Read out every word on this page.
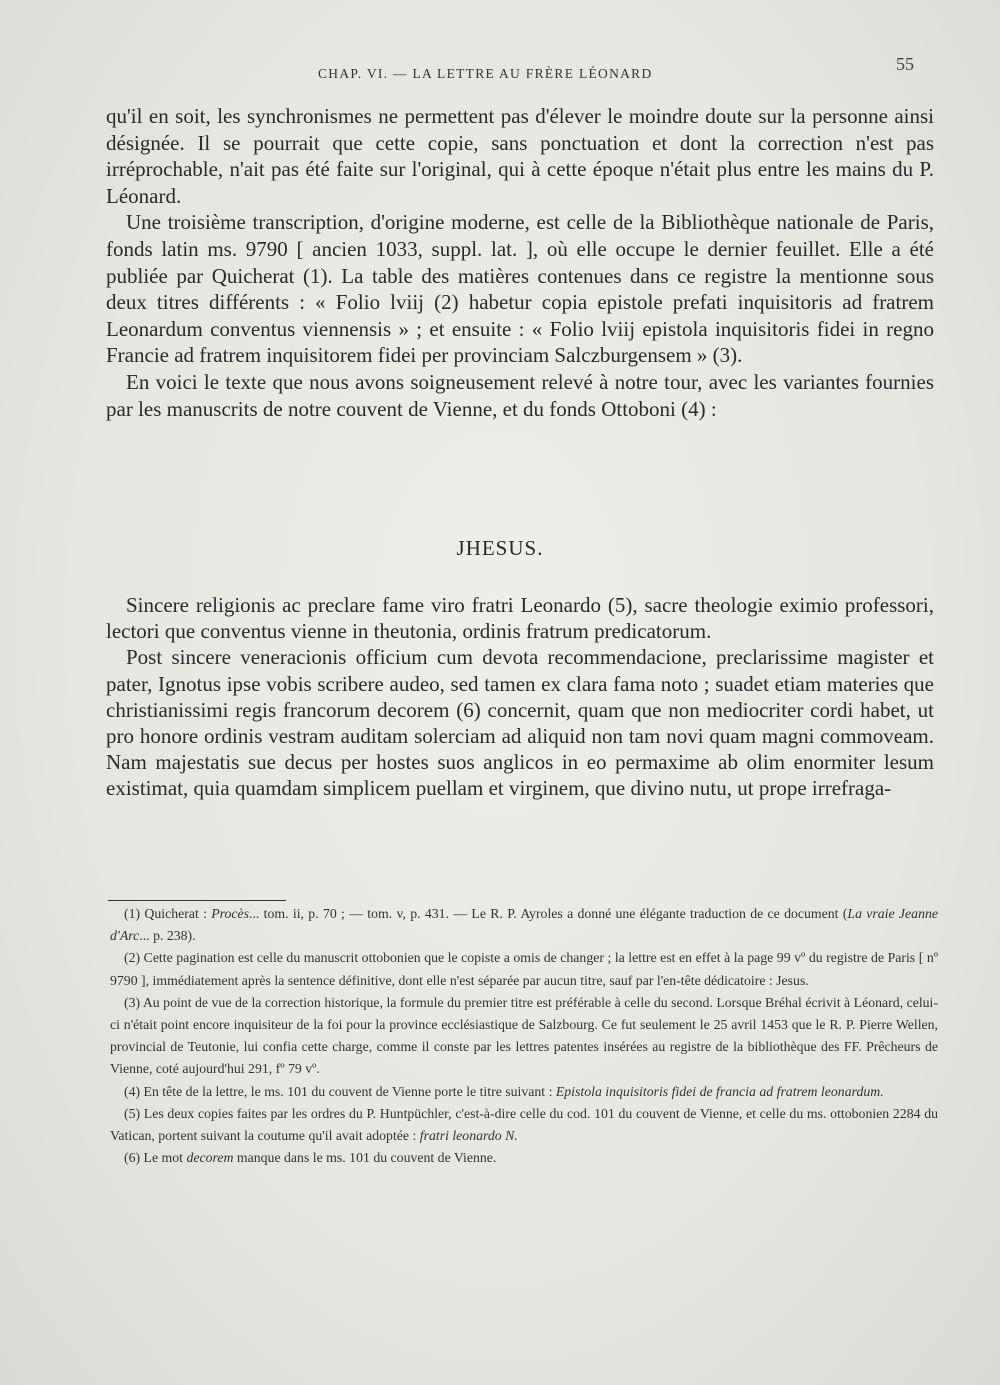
CHAP. VI. — LA LETTRE AU FRÈRE LÉONARD	55

qu'il en soit, les synchronismes ne permettent pas d'élever le moindre doute sur la personne ainsi désignée. Il se pourrait que cette copie, sans ponctuation et dont la correction n'est pas irréprochable, n'ait pas été faite sur l'original, qui à cette époque n'était plus entre les mains du P. Léonard.

Une troisième transcription, d'origine moderne, est celle de la Bibliothèque nationale de Paris, fonds latin ms. 9790 [ ancien 1033, suppl. lat. ], où elle occupe le dernier feuillet. Elle a été publiée par Quicherat (1). La table des matières contenues dans ce registre la mentionne sous deux titres différents : « Folio lviij (2) habetur copia epistole prefati inquisitoris ad fratrem Leonardum conventus viennensis » ; et ensuite : « Folio lviij epistola inquisitoris fidei in regno Francie ad fratrem inquisitorem fidei per provinciam Salczburgensem » (3).

En voici le texte que nous avons soigneusement relevé à notre tour, avec les variantes fournies par les manuscrits de notre couvent de Vienne, et du fonds Ottoboni (4) :

JHESUS.

Sincere religionis ac preclare fame viro fratri Leonardo (5), sacre theologie eximio professori, lectori que conventus vienne in theutonia, ordinis fratrum predicatorum.

Post sincere veneracionis officium cum devota recommendacione, preclarissime magister et pater, Ignotus ipse vobis scribere audeo, sed tamen ex clara fama noto ; suadet etiam materies que christianissimi regis francorum decorem (6) concernit, quam que non mediocriter cordi habet, ut pro honore ordinis vestram auditam solerciam ad aliquid non tam novi quam magni commoveam. Nam majestatis sue decus per hostes suos anglicos in eo permaxime ab olim enormiter lesum existimat, quia quamdam simplicem puellam et virginem, que divino nutu, ut prope irrefraga-

(1) Quicherat : Procès... tom. ii, p. 70 ; — tom. v, p. 431. — Le R. P. Ayroles a donné une élégante traduction de ce document (La vraie Jeanne d'Arc... p. 238).

(2) Cette pagination est celle du manuscrit ottobonien que le copiste a omis de changer ; la lettre est en effet à la page 99 vº du registre de Paris [ nº 9790 ], immédiatement après la sentence définitive, dont elle n'est séparée par aucun titre, sauf par l'en-tête dédicatoire : Jesus.

(3) Au point de vue de la correction historique, la formule du premier titre est préférable à celle du second. Lorsque Bréhal écrivit à Léonard, celui-ci n'était point encore inquisiteur de la foi pour la province ecclésiastique de Salzbourg. Ce fut seulement le 25 avril 1453 que le R. P. Pierre Wellen, provincial de Teutonie, lui confia cette charge, comme il conste par les lettres patentes insérées au registre de la bibliothèque des FF. Prêcheurs de Vienne, coté aujourd'hui 291, fº 79 vº.

(4) En tête de la lettre, le ms. 101 du couvent de Vienne porte le titre suivant : Epistola inquisitoris fidei de francia ad fratrem leonardum.

(5) Les deux copies faites par les ordres du P. Huntpüchler, c'est-à-dire celle du cod. 101 du couvent de Vienne, et celle du ms. ottobonien 2284 du Vatican, portent suivant la coutume qu'il avait adoptée : fratri leonardo N.

(6) Le mot decorem manque dans le ms. 101 du couvent de Vienne.
